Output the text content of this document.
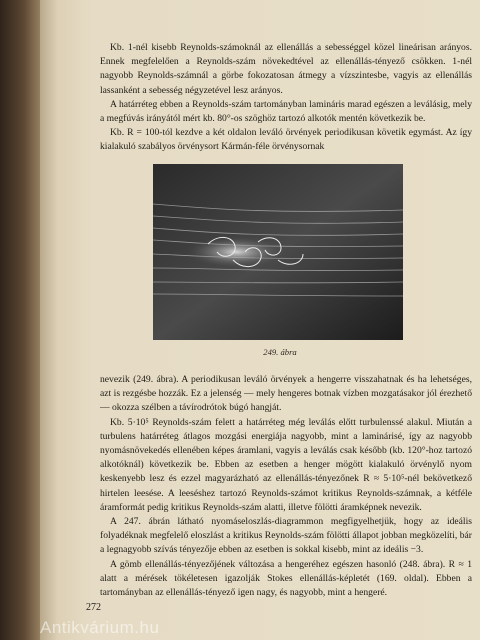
Kb. 1-nél kisebb Reynolds-számoknál az ellenállás a sebességgel közel lineárisan arányos. Ennek megfelelően a Reynolds-szám növekedtével az ellenállás-tényező csökken. 1-nél nagyobb Reynolds-számnál a görbe fokozatosan átmegy a vízszintesbe, vagyis az ellenállás lassanként a sebesség négyzetével lesz arányos.

A határréteg ebben a Reynolds-szám tartományban lamináris marad egészen a leválásig, mely a megfúvás irányától mért kb. 80°-os szöghöz tartozó alkotók mentén következik be.

Kb. R = 100-tól kezdve a két oldalon leváló örvények periodikusan követik egymást. Az így kialakuló szabályos örvénysort Kármán-féle örvénysornak

249. ábra

nevezik (249. ábra). A periodikusan leváló örvények a hengerre visszahatnak és ha lehetséges, azt is rezgésbe hozzák. Ez a jelenség — mely hengeres botnak vízben mozgatásakor jól érezhető — okozza szélben a távírodrótok búgó hangját.

Kb. 5·10⁵ Reynolds-szám felett a határréteg még leválás előtt turbulenssé alakul. Miután a turbulens határréteg átlagos mozgási energiája nagyobb, mint a laminárisé, így az nagyobb nyomásnövekedés ellenében képes áramlani, vagyis a leválás csak később (kb. 120°-hoz tartozó alkotóknál) következik be. Ebben az esetben a henger mögött kialakuló örvénylő nyom keskenyebb lesz és ezzel magyarázható az ellenállás-tényezőnek R ≈ 5·10⁵-nél bekövetkező hirtelen leesése. A leeséshez tartozó Reynolds-számot kritikus Reynolds-számnak, a kétféle áramformát pedig kritikus Reynolds-szám alatti, illetve fölötti áramképnek nevezik.

A 247. ábrán látható nyomáseloszlás-diagrammon megfigyelhetjük, hogy az ideális folyadéknak megfelelő eloszlást a kritikus Reynolds-szám fölötti állapot jobban megközelíti, bár a legnagyobb szívás tényezője ebben az esetben is sokkal kisebb, mint az ideális −3.

A gömb ellenállás-tényezőjének változása a hengeréhez egészen hasonló (248. ábra). R ≈ 1 alatt a mérések tökéletesen igazolják Stokes ellenállás-képletét (169. oldal). Ebben a tartományban az ellenállás-tényező igen nagy, és nagyobb, mint a hengeré.

272
Antikvárium.hu
